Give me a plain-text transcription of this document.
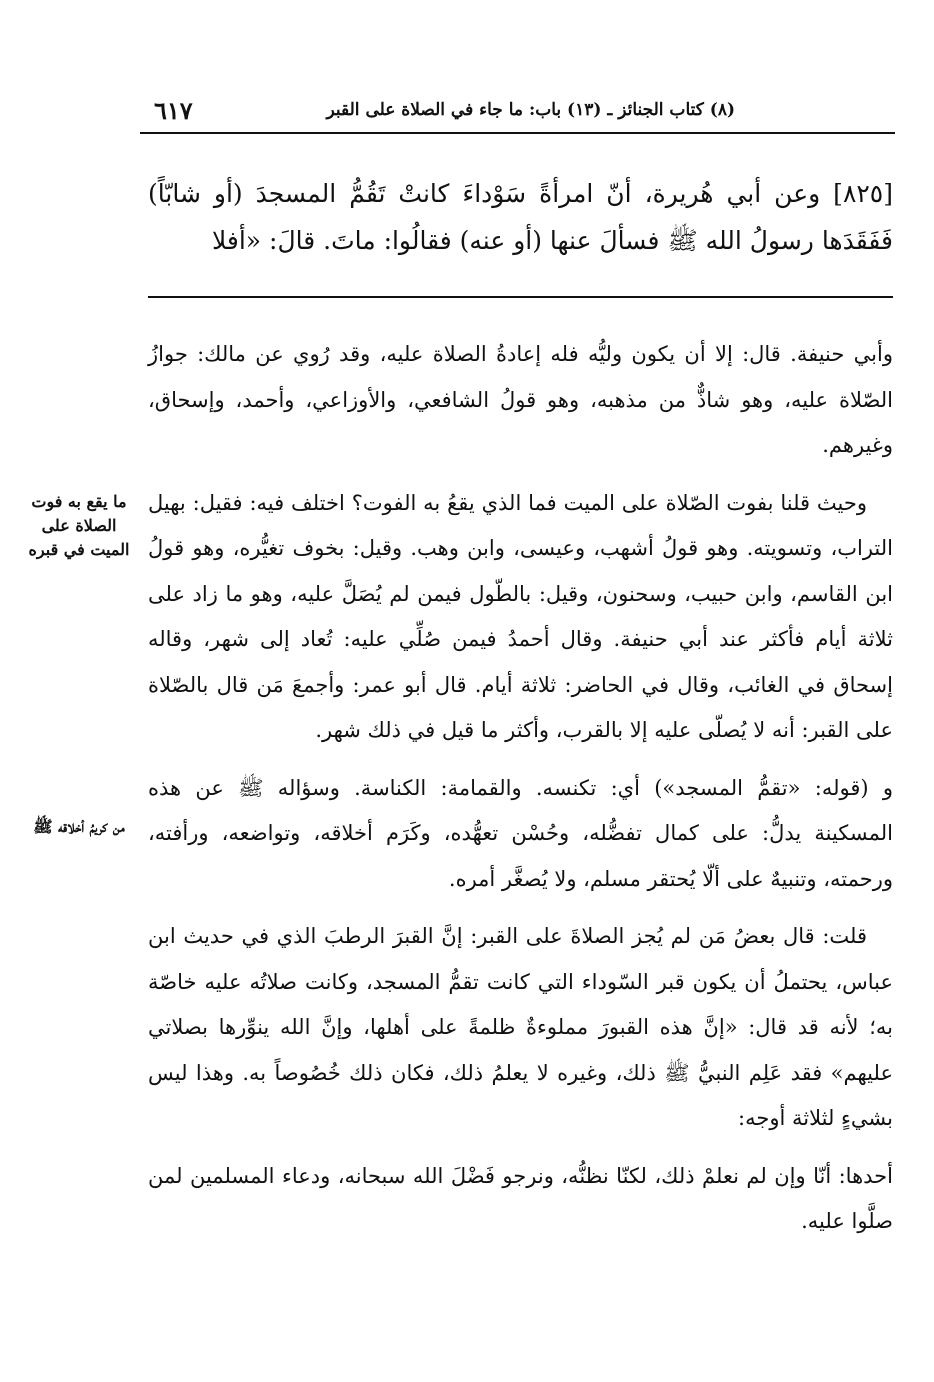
٦١٧	(٨) كتاب الجنائز ـ (١٣) باب: ما جاء في الصلاة على القبر
[٨٢٥] وعن أبي هُريرة، أنّ امرأةً سَوْداءَ كانتْ تَقُمُّ المسجدَ (أو شابّاً) فَفَقَدَها رسولُ الله ﷺ فسألَ عنها (أو عنه) فقالُوا: ماتَ. قالَ: «أفلا

وأبي حنيفة. قال: إلا أن يكون وليُّه فله إعادةُ الصلاة عليه، وقد رُوي عن مالك: جوازُ الصّلاة عليه، وهو شاذٌّ من مذهبه، وهو قولُ الشافعي، والأوزاعي، وأحمد، وإسحاق، وغيرهم.

وحيث قلنا بفوت الصّلاة على الميت فما الذي يقعُ به الفوت؟ اختلف فيه: فقيل: بهيل التراب، وتسويته. وهو قولُ أشهب، وعيسى، وابن وهب. وقيل: بخوف تغيُّره، وهو قولُ ابن القاسم، وابن حبيب، وسحنون، وقيل: بالطّول فيمن لم يُصَلَّ عليه، وهو ما زاد على ثلاثة أيام فأكثر عند أبي حنيفة. وقال أحمدُ فيمن صُلِّي عليه: تُعاد إلى شهر، وقاله إسحاق في الغائب، وقال في الحاضر: ثلاثة أيام. قال أبو عمر: وأجمعَ مَن قال بالصّلاة على القبر: أنه لا يُصلّى عليه إلا بالقرب، وأكثر ما قيل في ذلك شهر.

و (قوله: «تقمُّ المسجد») أي: تكنسه. والقمامة: الكناسة. وسؤاله ﷺ عن هذه المسكينة يدلُّ: على كمال تفضُّله، وحُسْن تعهُّده، وكَرَم أخلاقه، وتواضعه، ورأفته، ورحمته، وتنبيهٌ على ألّا يُحتقر مسلم، ولا يُصغَّر أمره.

قلت: قال بعضُ مَن لم يُجز الصلاةَ على القبر: إنَّ القبرَ الرطبَ الذي في حديث ابن عباس، يحتملُ أن يكون قبر السّوداء التي كانت تقمُّ المسجد، وكانت صلاتُه عليه خاصّة به؛ لأنه قد قال: «إنَّ هذه القبورَ مملوءةٌ ظلمةً على أهلها، وإنَّ الله ينوِّرها بصلاتي عليهم» فقد عَلِم النبيُّ ﷺ ذلك، وغيره لا يعلمُ ذلك، فكان ذلك خُصُوصاً به. وهذا ليس بشيءٍ لثلاثة أوجه:

أحدها: أنّا وإن لم نعلمْ ذلك، لكنّا نظنُّه، ونرجو فَضْلَ الله سبحانه، ودعاء المسلمين لمن صلَّوا عليه.

ما يقع به فوت الصلاة على الميت في قبره
من كريمُ أخلاقه ﷺ
